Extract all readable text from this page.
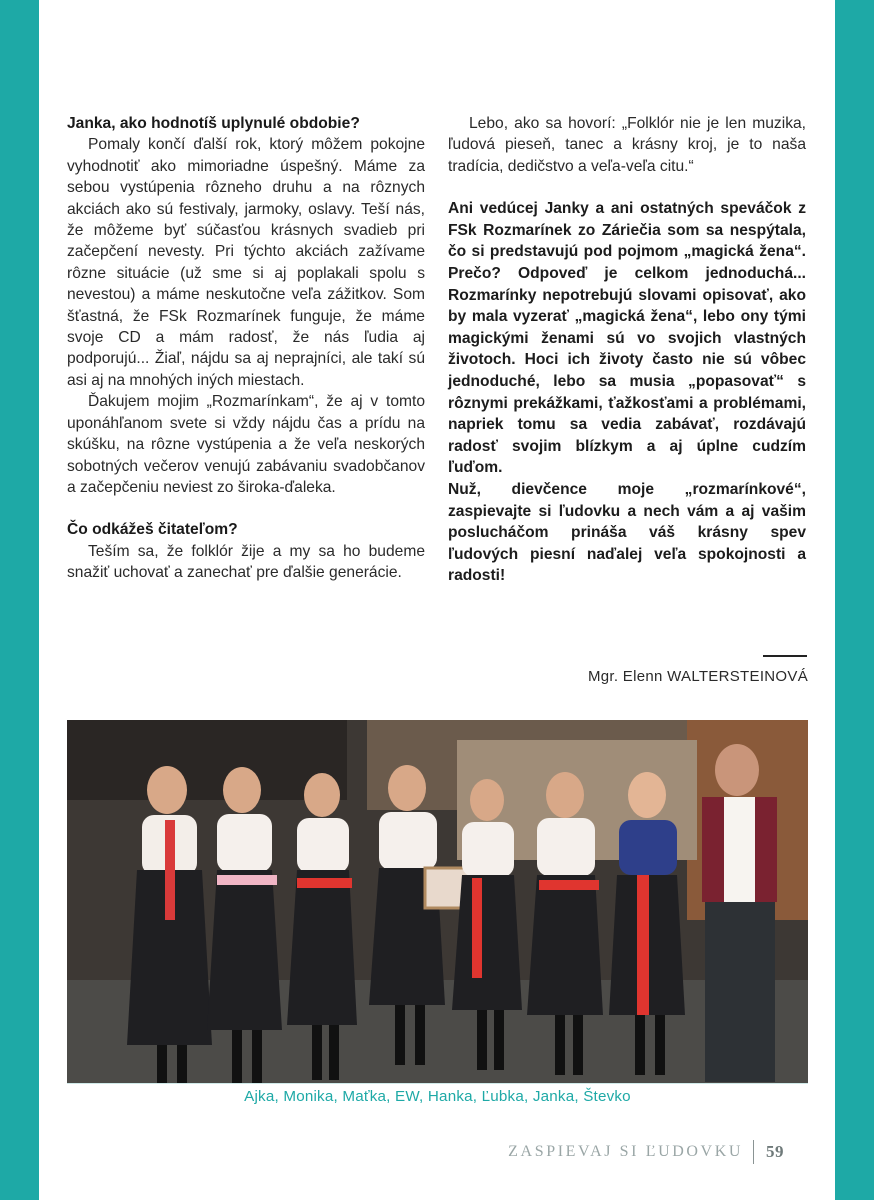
Janka, ako hodnotíš uplynulé obdobie?

Pomaly končí ďalší rok, ktorý môžem pokojne vyhodnotiť ako mimoriadne úspešný. Máme za sebou vystúpenia rôzneho druhu a na rôznych akciách ako sú festivaly, jarmoky, oslavy. Teší nás, že môžeme byť súčasťou krásnych svadieb pri začepčení nevesty. Pri týchto akciách zažívame rôzne situácie (už sme si aj poplakali spolu s nevestou) a máme neskutočne veľa zážitkov. Som šťastná, že FSk Rozmarínek funguje, že máme svoje CD a mám radosť, že nás ľudia aj podporujú... Žiaľ, nájdu sa aj neprajníci, ale takí sú asi aj na mnohých iných miestach.

Ďakujem mojim „Rozmarínkam“, že aj v tomto uponáhľanom svete si vždy nájdu čas a prídu na skúšku, na rôzne vystúpenia a že veľa neskorých sobotných večerov venujú zabávaniu svadobčanov a začepčeniu neviest zo široka-ďaleka.

Čo odkážeš čitateľom?

Teším sa, že folklór žije a my sa ho budeme snažiť uchovať a zanechať pre ďalšie generácie.

Lebo, ako sa hovorí: „Folklór nie je len muzika, ľudová pieseň, tanec a krásny kroj, je to naša tradícia, dedičstvo a veľa-veľa citu.“

Ani vedúcej Janky a ani ostatných speváčok z FSk Rozmarínek zo Záriečia som sa nespýtala, čo si predstavujú pod pojmom „magická žena“. Prečo? Odpoveď je celkom jednoduchá... Rozmarínky nepotrebujú slovami opisovať, ako by mala vyzerať „magická žena“, lebo ony tými magickými ženami sú vo svojich vlastných životoch. Hoci ich životy často nie sú vôbec jednoduché, lebo sa musia „popasovať“ s rôznymi prekážkami, ťažkosťami a problémami, napriek tomu sa vedia zabávať, rozdávajú radosť svojim blízkym a aj úplne cudzím ľuďom.

Nuž, dievčence moje „rozmarínkové“, zaspievajte si ľudovku a nech vám a aj vašim poslucháčom prináša váš krásny spev ľudových piesní naďalej veľa spokojnosti a radosti!

Mgr. Elenn WALTERSTEINOVÁ
Ajka, Monika, Maťka, EW, Hanka, Ľubka, Janka, Števko
ZASPIEVAJ SI ĽUDOVKU 59
